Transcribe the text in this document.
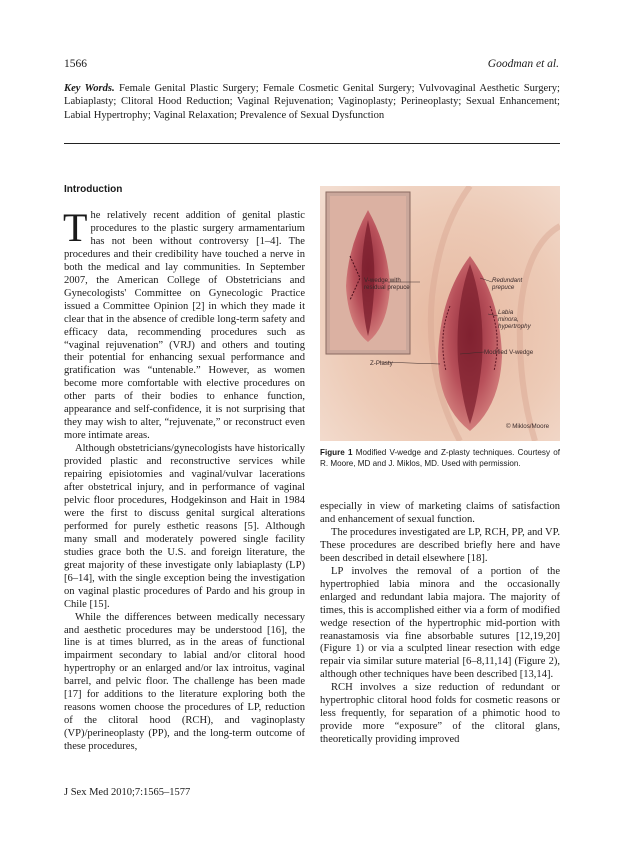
1566	Goodman et al.
Key Words. Female Genital Plastic Surgery; Female Cosmetic Genital Surgery; Vulvovaginal Aesthetic Surgery; Labiaplasty; Clitoral Hood Reduction; Vaginal Rejuvenation; Vaginoplasty; Perineoplasty; Sexual Enhancement; Labial Hypertrophy; Vaginal Relaxation; Prevalence of Sexual Dysfunction
Introduction

The relatively recent addition of genital plastic procedures to the plastic surgery armamentarium has not been without controversy [1–4]. The procedures and their credibility have touched a nerve in both the medical and lay communities. In September 2007, the American College of Obstetricians and Gynecologists' Committee on Gynecologic Practice issued a Committee Opinion [2] in which they made it clear that in the absence of credible long-term safety and efficacy data, recommending procedures such as “vaginal rejuvenation” (VRJ) and others and touting their potential for enhancing sexual performance and gratification was “untenable.” However, as women become more comfortable with elective procedures on other parts of their bodies to enhance function, appearance and self-confidence, it is not surprising that they may wish to alter, “rejuvenate,” or reconstruct even more intimate areas.

Although obstetricians/gynecologists have historically provided plastic and reconstructive services while repairing episiotomies and vaginal/vulvar lacerations after obstetrical injury, and in performance of vaginal pelvic floor procedures, Hodgekinson and Hait in 1984 were the first to discuss genital surgical alterations performed for purely esthetic reasons [5]. Although many small and moderately powered single facility studies grace both the U.S. and foreign literature, the great majority of these investigate only labiaplasty (LP) [6–14], with the single exception being the investigation on vaginal plastic procedures of Pardo and his group in Chile [15].

While the differences between medically necessary and aesthetic procedures may be understood [16], the line is at times blurred, as in the areas of functional impairment secondary to labial and/or clitoral hood hypertrophy or an enlarged and/or lax introitus, vaginal barrel, and pelvic floor. The challenge has been made [17] for additions to the literature exploring both the reasons women choose the procedures of LP, reduction of the clitoral hood (RCH), and vaginoplasty (VP)/perineoplasty (PP), and the long-term outcome of these procedures,

V-wedge with
residual prepuce
Redundant
prepuce
Labia
minora,
hypertrophy
Modified V-wedge
Z-Plasty
© Miklos/Moore
Figure 1 Modified V-wedge and Z-plasty techniques. Courtesy of R. Moore, MD and J. Miklos, MD. Used with permission.

especially in view of marketing claims of satisfaction and enhancement of sexual function.

The procedures investigated are LP, RCH, PP, and VP. These procedures are described briefly here and have been described in detail elsewhere [18].

LP involves the removal of a portion of the hypertrophied labia minora and the occasionally enlarged and redundant labia majora. The majority of times, this is accomplished either via a form of modified wedge resection of the hypertrophic mid-portion with reanastamosis via fine absorbable sutures [12,19,20] (Figure 1) or via a sculpted linear resection with edge repair via similar suture material [6–8,11,14] (Figure 2), although other techniques have been described [13,14].

RCH involves a size reduction of redundant or hypertrophic clitoral hood folds for cosmetic reasons or less frequently, for separation of a phimotic hood to provide more “exposure” of the clitoral glans, theoretically providing improved

J Sex Med 2010;7:1565–1577
